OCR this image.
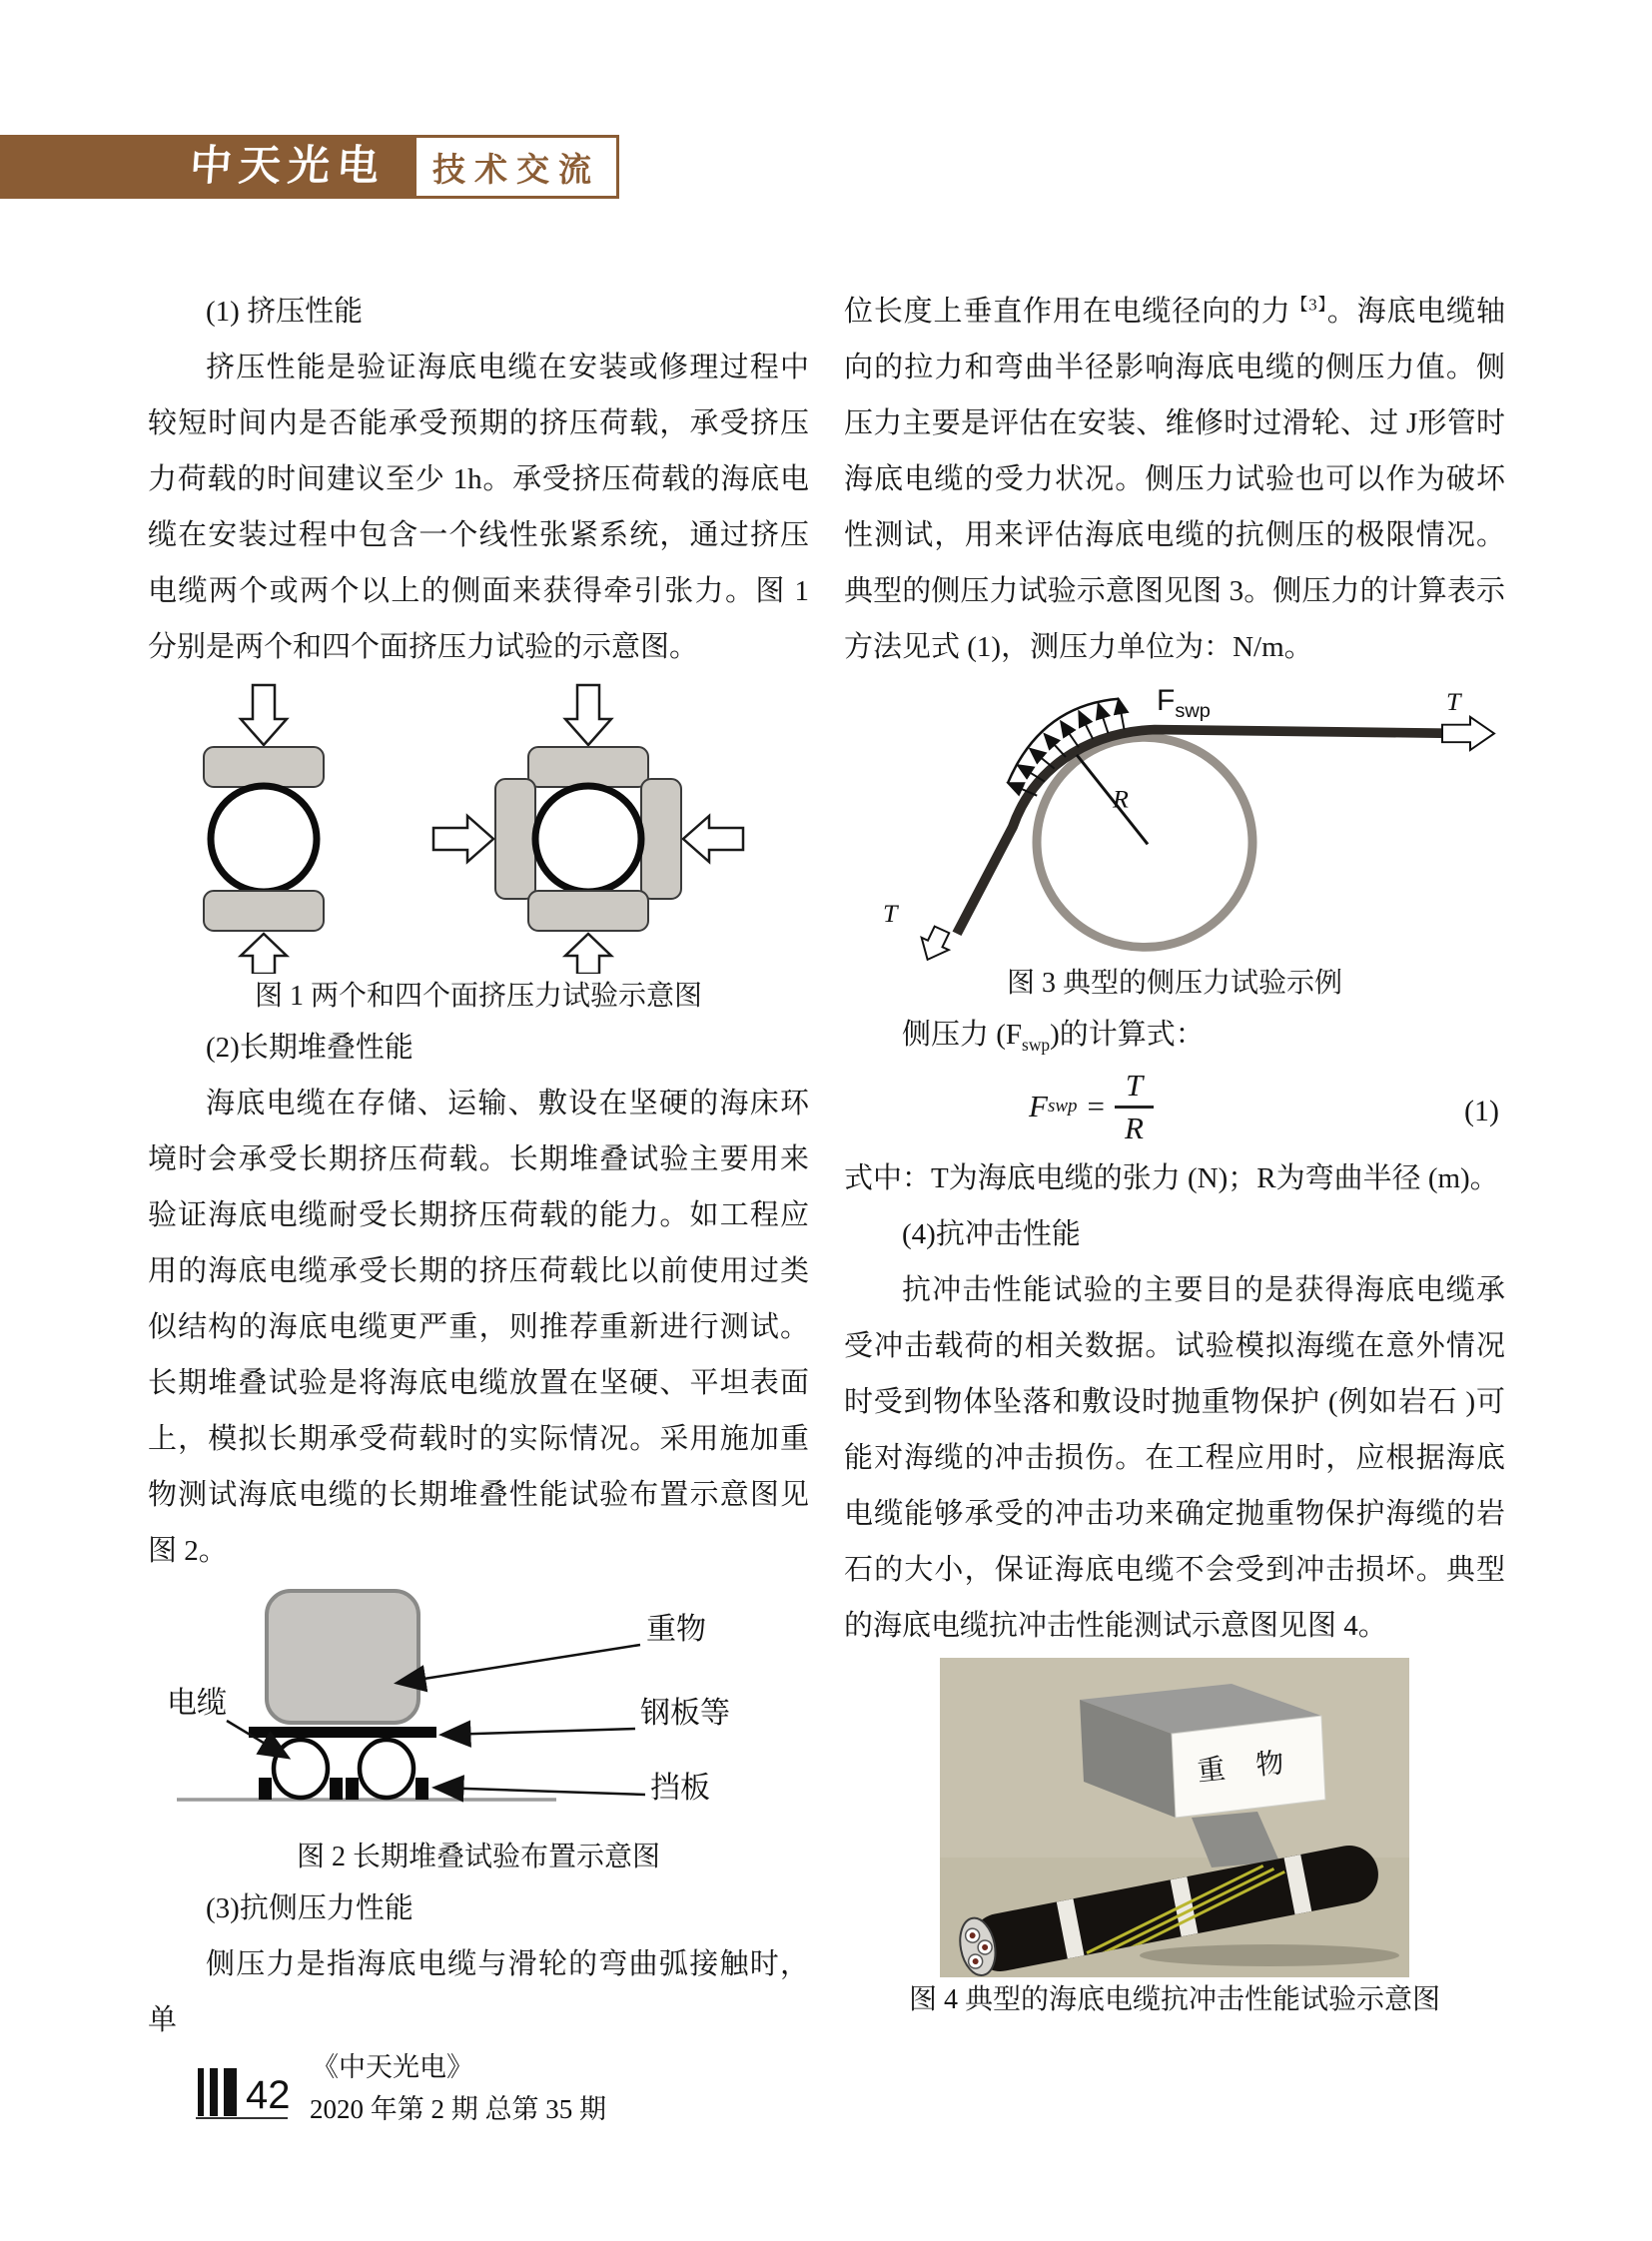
中天光电 技术交流
(1) 挤压性能

挤压性能是验证海底电缆在安装或修理过程中较短时间内是否能承受预期的挤压荷载，承受挤压力荷载的时间建议至少 1h。承受挤压荷载的海底电缆在安装过程中包含一个线性张紧系统，通过挤压电缆两个或两个以上的侧面来获得牵引张力。图 1 分别是两个和四个面挤压力试验的示意图。

图 1 两个和四个面挤压力试验示意图
(2)长期堆叠性能

海底电缆在存储、运输、敷设在坚硬的海床环境时会承受长期挤压荷载。长期堆叠试验主要用来验证海底电缆耐受长期挤压荷载的能力。如工程应用的海底电缆承受长期的挤压荷载比以前使用过类似结构的海底电缆更严重，则推荐重新进行测试。长期堆叠试验是将海底电缆放置在坚硬、平坦表面上，模拟长期承受荷载时的实际情况。采用施加重物测试海底电缆的长期堆叠性能试验布置示意图见图 2。

电缆
重物
钢板等
挡板
图 2 长期堆叠试验布置示意图
(3)抗侧压力性能

侧压力是指海底电缆与滑轮的弯曲弧接触时，单

位长度上垂直作用在电缆径向的力$^{【3】}$。海底电缆轴向的拉力和弯曲半径影响海底电缆的侧压力值。侧压力主要是评估在安装、维修时过滑轮、过 J形管时海底电缆的受力状况。侧压力试验也可以作为破坏性测试，用来评估海底电缆的抗侧压的极限情况。典型的侧压力试验示意图见图 3。侧压力的计算表示方法见式 (1)，测压力单位为：N/m。

$F_{swp}$	T
T
R
图 3 典型的侧压力试验示例
侧压力 $(F_{swp})$的计算式：
F swp = $\frac{T}{R}$	(1)
式中：T为海底电缆的张力 (N)；R为弯曲半径 (m)。
(4)抗冲击性能

抗冲击性能试验的主要目的是获得海底电缆承受冲击载荷的相关数据。试验模拟海缆在意外情况时受到物体坠落和敷设时抛重物保护 (例如岩石 )可能对海缆的冲击损伤。在工程应用时，应根据海底电缆能够承受的冲击功来确定抛重物保护海缆的岩石的大小，保证海底电缆不会受到冲击损坏。典型的海底电缆抗冲击性能测试示意图见图 4。

重 物
图 4 典型的海底电缆抗冲击性能试验示意图
42
《中天光电》
2020 年第 2 期 总第 35 期
